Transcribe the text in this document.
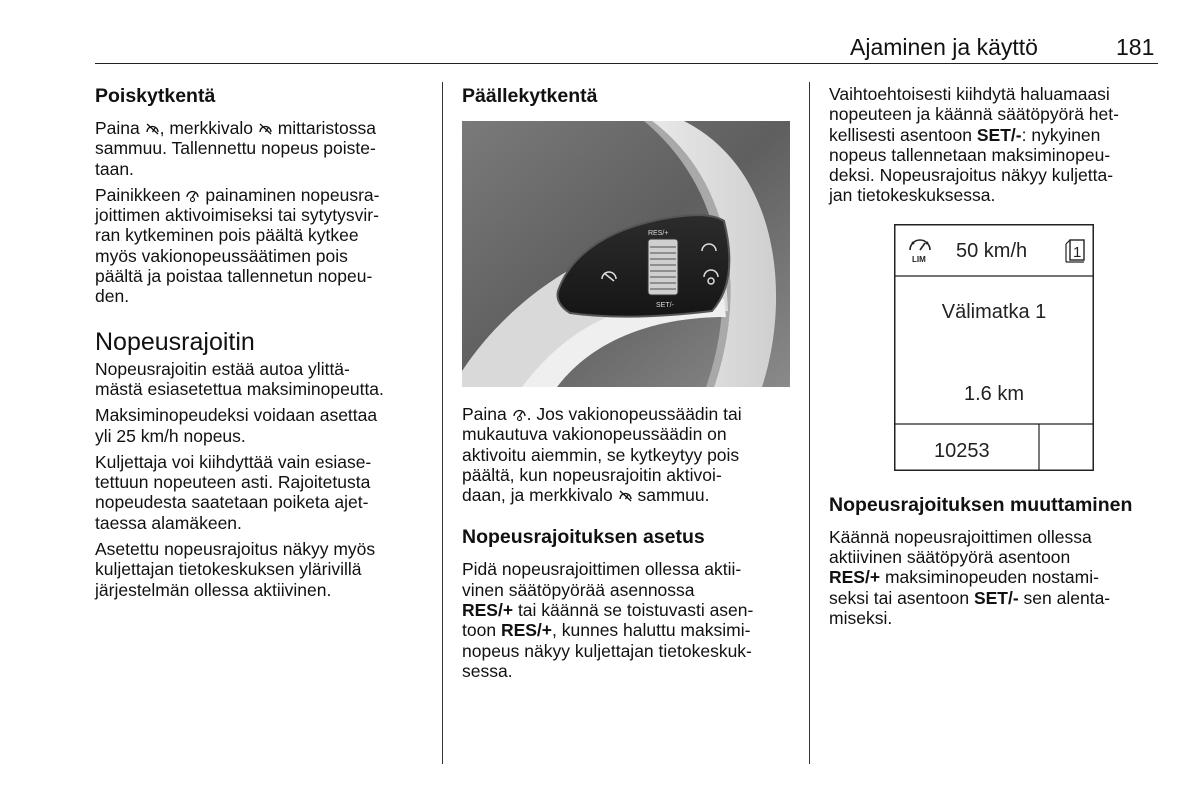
Ajaminen ja käyttö	181
Poiskytkentä

Paina , merkkivalo  mittaristossa
sammuu. Tallennettu nopeus poiste-
taan.

Painikkeen  painaminen nopeusra-
joittimen aktivoimiseksi tai sytytysvir-
ran kytkeminen pois päältä kytkee
myös vakionopeussäätimen pois
päältä ja poistaa tallennetun nopeu-
den.

Nopeusrajoitin

Nopeusrajoitin estää autoa ylittä-
mästä esiasetettua maksiminopeutta.

Maksiminopeudeksi voidaan asettaa
yli 25 km/h nopeus.

Kuljettaja voi kiihdyttää vain esiase-
tettuun nopeuteen asti. Rajoitetusta
nopeudesta saatetaan poiketa ajet-
taessa alamäkeen.

Asetettu nopeusrajoitus näkyy myös
kuljettajan tietokeskuksen ylärivillä
järjestelmän ollessa aktiivinen.

Päällekytkentä
RES/+
SET/-

Paina . Jos vakionopeussäädin tai
mukautuva vakionopeussäädin on
aktivoitu aiemmin, se kytkeytyy pois
päältä, kun nopeusrajoitin aktivoi-
daan, ja merkkivalo  sammuu.

Nopeusrajoituksen asetus

Pidä nopeusrajoittimen ollessa aktii-
vinen säätöpyörää asennossa
RES/+ tai käännä se toistuvasti asen-
toon RES/+, kunnes haluttu maksimi-
nopeus näkyy kuljettajan tietokeskuk-
sessa.

Vaihtoehtoisesti kiihdytä haluamaasi
nopeuteen ja käännä säätöpyörä het-
kellisesti asentoon SET/-: nykyinen
nopeus tallennetaan maksiminopeu-
deksi. Nopeusrajoitus näkyy kuljetta-
jan tietokeskuksessa.

LIM 50 km/h	1
Välimatka 1
1.6 km
10253
Nopeusrajoituksen muuttaminen

Käännä nopeusrajoittimen ollessa
aktiivinen säätöpyörä asentoon
RES/+ maksiminopeuden nostami-
seksi tai asentoon SET/- sen alenta-
miseksi.
